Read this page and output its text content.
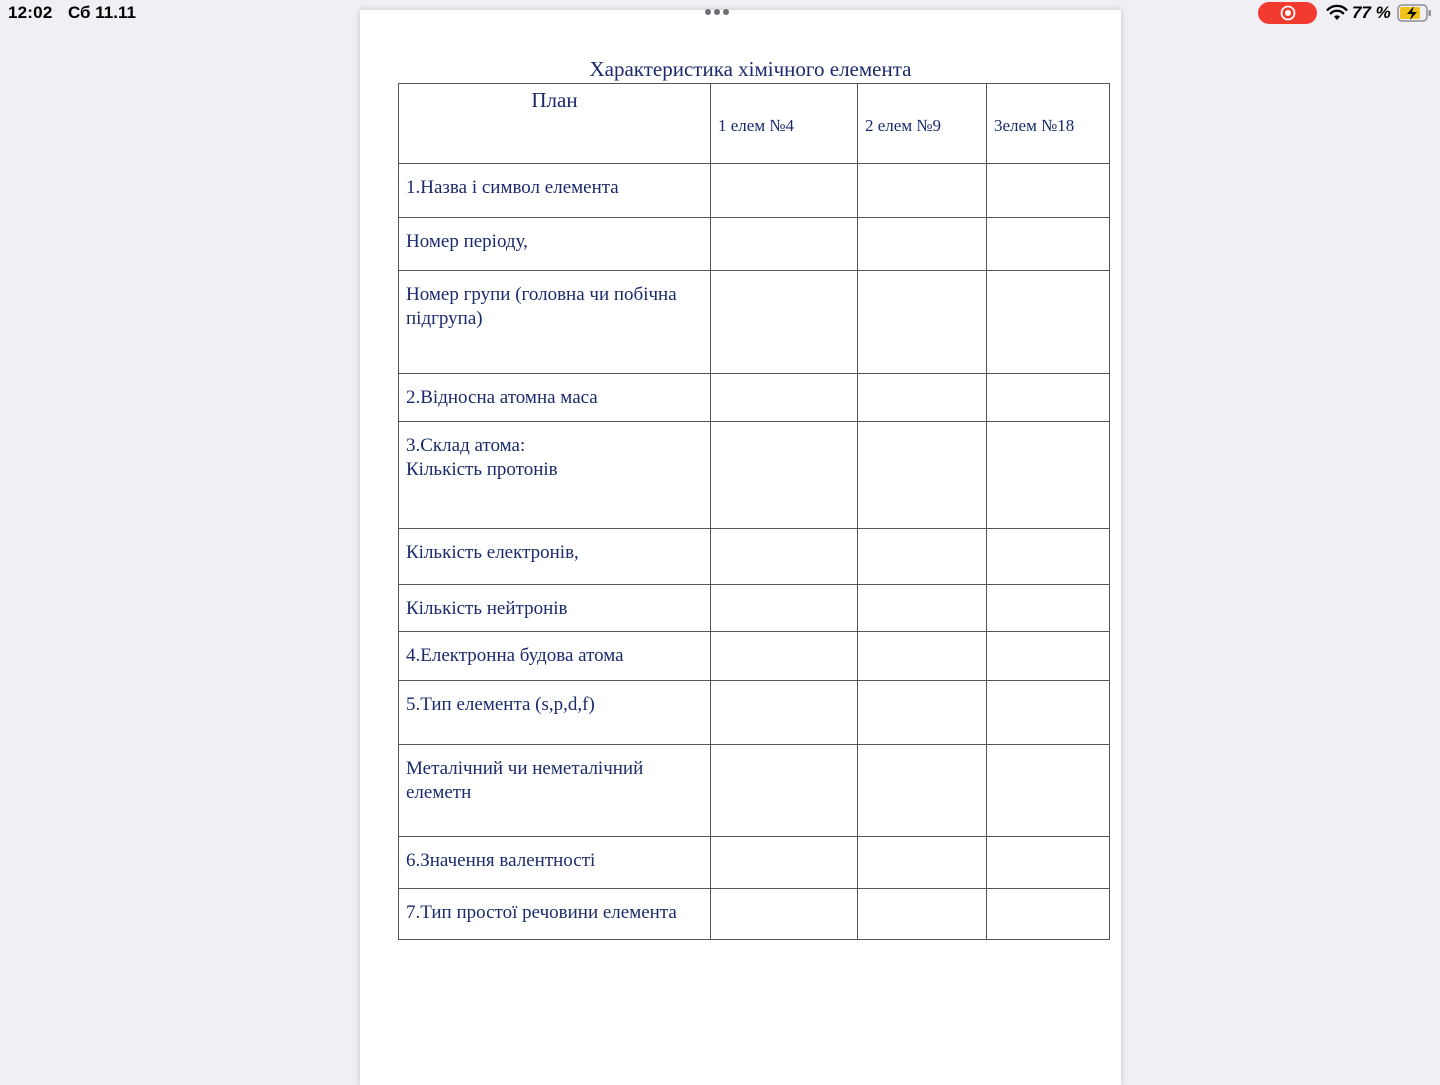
12:02 Сб 11.11	77 %
Характеристика хімічного елемента
План	1 елем №4	2 елем №9	3елем №18

1.Назва і символ елемента			

Номер періоду,			

Номер групи (головна чи побічна
підгрупа)			

2.Відносна атомна маса			

3.Склад атома:
Кількість протонів			

Кількість електронів,			

Кількість нейтронів			

4.Електронна будова атома			

5.Тип елемента (s,p,d,f)			

Металічний чи неметалічний
елеметн			

6.Значення валентності			

7.Тип простої речовини елемента			
